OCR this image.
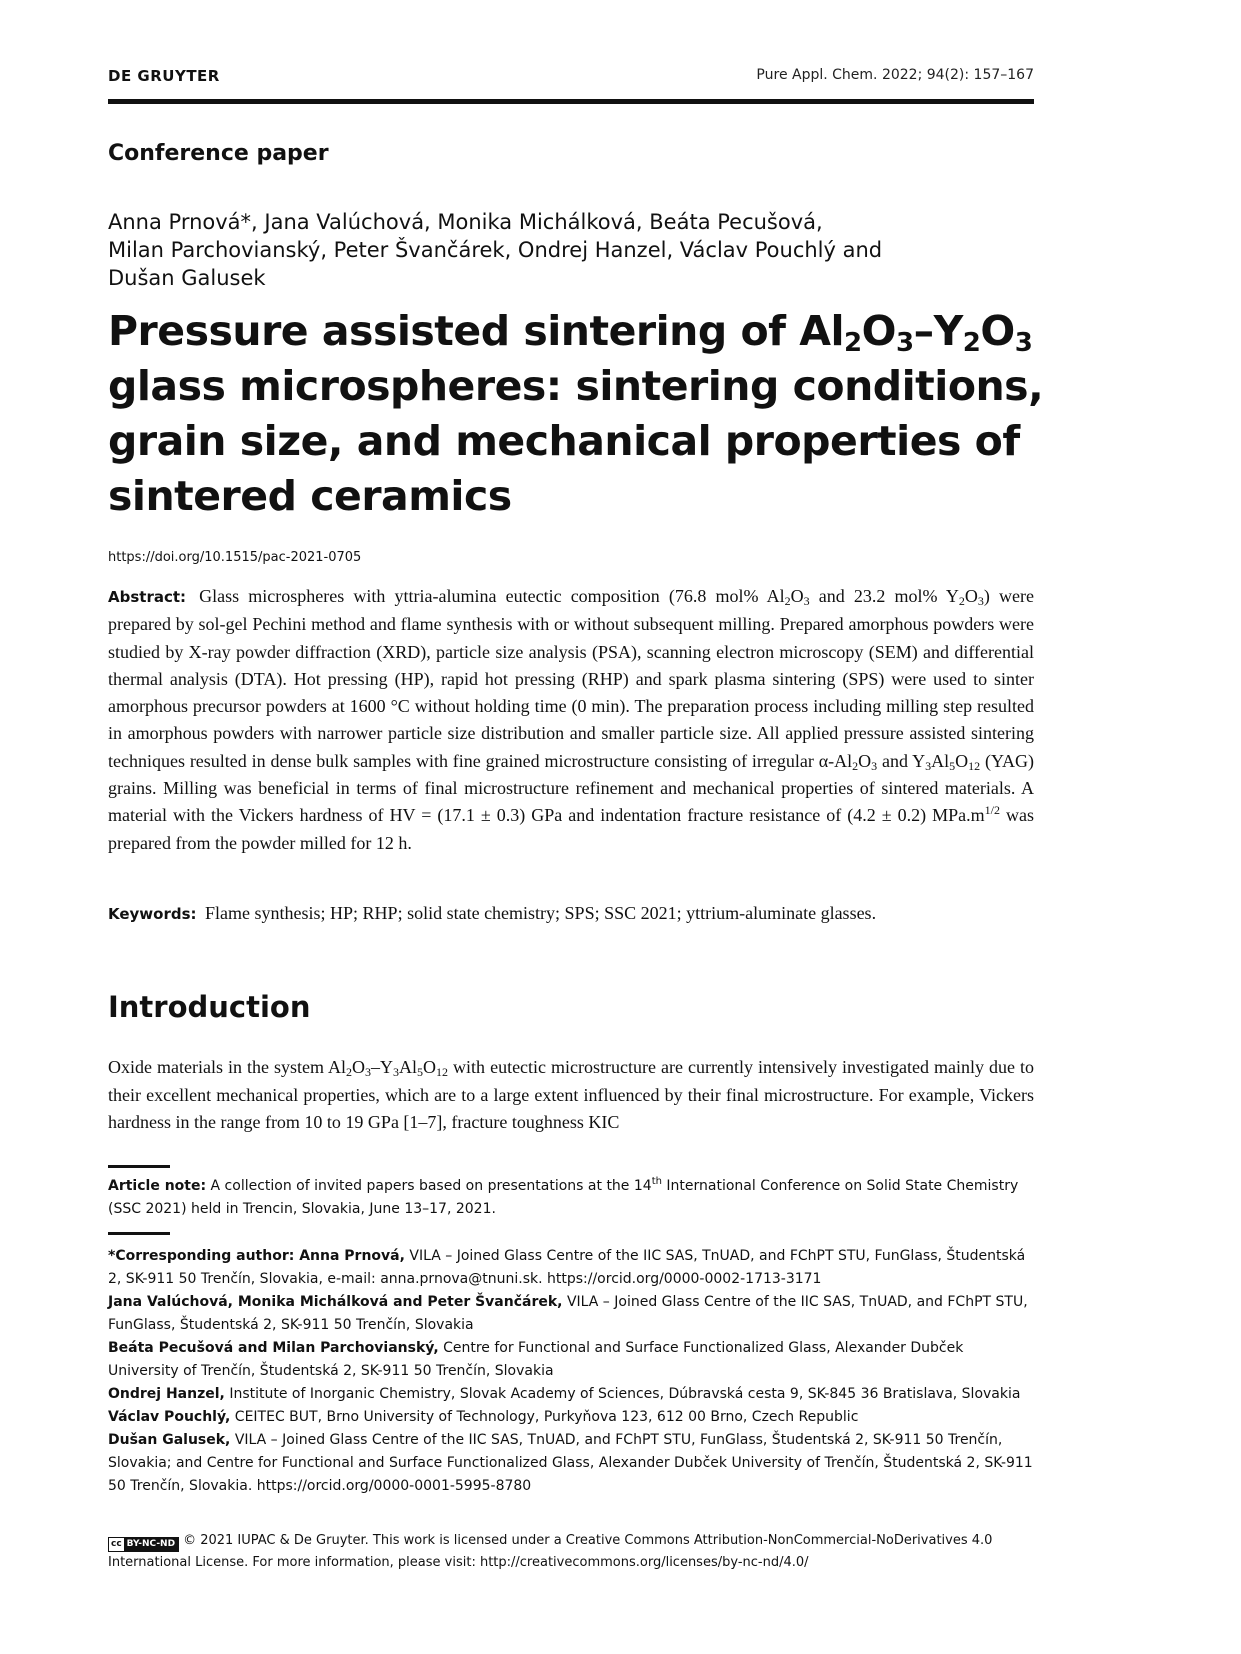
DE GRUYTER	Pure Appl. Chem. 2022; 94(2): 157–167
Conference paper
Anna Prnová*, Jana Valúchová, Monika Michálková, Beáta Pecušová,
Milan Parchovianský, Peter Švančárek, Ondrej Hanzel, Václav Pouchlý and
Dušan Galusek
Pressure assisted sintering of $Al_2O_3-Y_2O_3$
glass microspheres: sintering conditions,
grain size, and mechanical properties of
sintered ceramics
https://doi.org/10.1515/pac-2021-0705
Abstract: Glass microspheres with yttria-alumina eutectic composition (76.8 mol% $Al_2O_3$ and 23.2 mol% $Y_2O_3$) were prepared by sol-gel Pechini method and flame synthesis with or without subsequent milling. Prepared amorphous powders were studied by X-ray powder diffraction (XRD), particle size analysis (PSA), scanning electron microscopy (SEM) and differential thermal analysis (DTA). Hot pressing (HP), rapid hot pressing (RHP) and spark plasma sintering (SPS) were used to sinter amorphous precursor powders at 1600 °C without holding time (0 min). The preparation process including milling step resulted in amorphous powders with narrower particle size distribution and smaller particle size. All applied pressure assisted sintering techniques resulted in dense bulk samples with fine grained microstructure consisting of irregular $\alpha-Al_2O_3$ and $Y_3Al_5O_{12}$ (YAG) grains. Milling was beneficial in terms of final microstructure refinement and mechanical properties of sintered materials. A material with the Vickers hardness of HV = (17.1 ± 0.3) GPa and indentation fracture resistance of (4.2 ± 0.2) $MPa.m^{1/2}$ was prepared from the powder milled for 12 h.
Keywords: Flame synthesis; HP; RHP; solid state chemistry; SPS; SSC 2021; yttrium-aluminate glasses.
Introduction
Oxide materials in the system $Al_2O_3-Y_3Al_5O_{12}$ with eutectic microstructure are currently intensively investigated mainly due to their excellent mechanical properties, which are to a large extent influenced by their final microstructure. For example, Vickers hardness in the range from 10 to 19 GPa [1–7], fracture toughness KIC
Article note: A collection of invited papers based on presentations at the 14th International Conference on Solid State Chemistry (SSC 2021) held in Trencin, Slovakia, June 13–17, 2021.
*Corresponding author: Anna Prnová, VILA – Joined Glass Centre of the IIC SAS, TnUAD, and FChPT STU, FunGlass, Študentská 2, SK-911 50 Trenčín, Slovakia, e-mail: anna.prnova@tnuni.sk. https://orcid.org/0000-0002-1713-3171
Jana Valúchová, Monika Michálková and Peter Švančárek, VILA – Joined Glass Centre of the IIC SAS, TnUAD, and FChPT STU, FunGlass, Študentská 2, SK-911 50 Trenčín, Slovakia
Beáta Pecušová and Milan Parchovianský, Centre for Functional and Surface Functionalized Glass, Alexander Dubček University of Trenčín, Študentská 2, SK-911 50 Trenčín, Slovakia
Ondrej Hanzel, Institute of Inorganic Chemistry, Slovak Academy of Sciences, Dúbravská cesta 9, SK-845 36 Bratislava, Slovakia
Václav Pouchlý, CEITEC BUT, Brno University of Technology, Purkyňova 123, 612 00 Brno, Czech Republic
Dušan Galusek, VILA – Joined Glass Centre of the IIC SAS, TnUAD, and FChPT STU, FunGlass, Študentská 2, SK-911 50 Trenčín, Slovakia; and Centre for Functional and Surface Functionalized Glass, Alexander Dubček University of Trenčín, Študentská 2, SK-911 50 Trenčín, Slovakia. https://orcid.org/0000-0001-5995-8780
cc BY-NC-ND © 2021 IUPAC & De Gruyter. This work is licensed under a Creative Commons Attribution-NonCommercial-NoDerivatives 4.0 International License. For more information, please visit: http://creativecommons.org/licenses/by-nc-nd/4.0/
